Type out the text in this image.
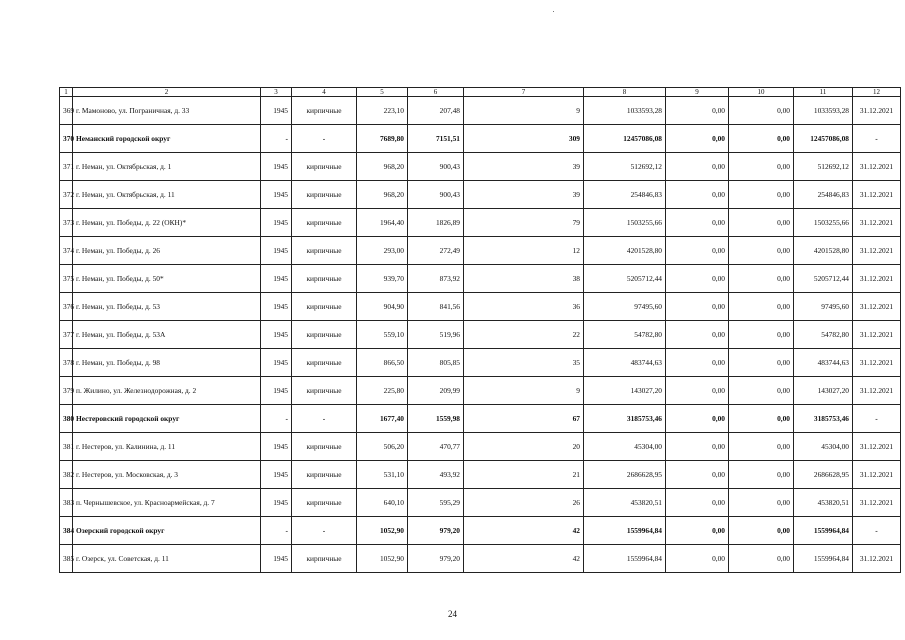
1	2	3	4	5	6	7	8	9	10	11	12
369	г. Мамоново, ул. Пограничная, д. 33	1945	кирпичные	223,10	207,48	9	1033593,28	0,00	0,00	1033593,28	31.12.2021
370	Неманский городской округ	-	-	7689,80	7151,51	309	12457086,08	0,00	0,00	12457086,08	-
371	г. Неман, ул. Октябрьская, д. 1	1945	кирпичные	968,20	900,43	39	512692,12	0,00	0,00	512692,12	31.12.2021
372	г. Неман, ул. Октябрьская, д. 11	1945	кирпичные	968,20	900,43	39	254846,83	0,00	0,00	254846,83	31.12.2021
373	г. Неман, ул. Победы, д. 22 (ОКН)*	1945	кирпичные	1964,40	1826,89	79	1503255,66	0,00	0,00	1503255,66	31.12.2021
374	г. Неман, ул. Победы, д. 26	1945	кирпичные	293,00	272,49	12	4201528,80	0,00	0,00	4201528,80	31.12.2021
375	г. Неман, ул. Победы, д. 50*	1945	кирпичные	939,70	873,92	38	5205712,44	0,00	0,00	5205712,44	31.12.2021
376	г. Неман, ул. Победы, д. 53	1945	кирпичные	904,90	841,56	36	97495,60	0,00	0,00	97495,60	31.12.2021
377	г. Неман, ул. Победы, д. 53А	1945	кирпичные	559,10	519,96	22	54782,80	0,00	0,00	54782,80	31.12.2021
378	г. Неман, ул. Победы, д. 98	1945	кирпичные	866,50	805,85	35	483744,63	0,00	0,00	483744,63	31.12.2021
379	п. Жилино, ул. Железнодорожная, д. 2	1945	кирпичные	225,80	209,99	9	143027,20	0,00	0,00	143027,20	31.12.2021
380	Нестеровский городской округ	-	-	1677,40	1559,98	67	3185753,46	0,00	0,00	3185753,46	-
381	г. Нестеров, ул. Калинина, д. 11	1945	кирпичные	506,20	470,77	20	45304,00	0,00	0,00	45304,00	31.12.2021
382	г. Нестеров, ул. Московская, д. 3	1945	кирпичные	531,10	493,92	21	2686628,95	0,00	0,00	2686628,95	31.12.2021
383	п. Чернышевское, ул. Красноармейская, д. 7	1945	кирпичные	640,10	595,29	26	453820,51	0,00	0,00	453820,51	31.12.2021
384	Озерский городской округ	-	-	1052,90	979,20	42	1559964,84	0,00	0,00	1559964,84	-
385	г. Озерск, ул. Советская, д. 11	1945	кирпичные	1052,90	979,20	42	1559964,84	0,00	0,00	1559964,84	31.12.2021
24
